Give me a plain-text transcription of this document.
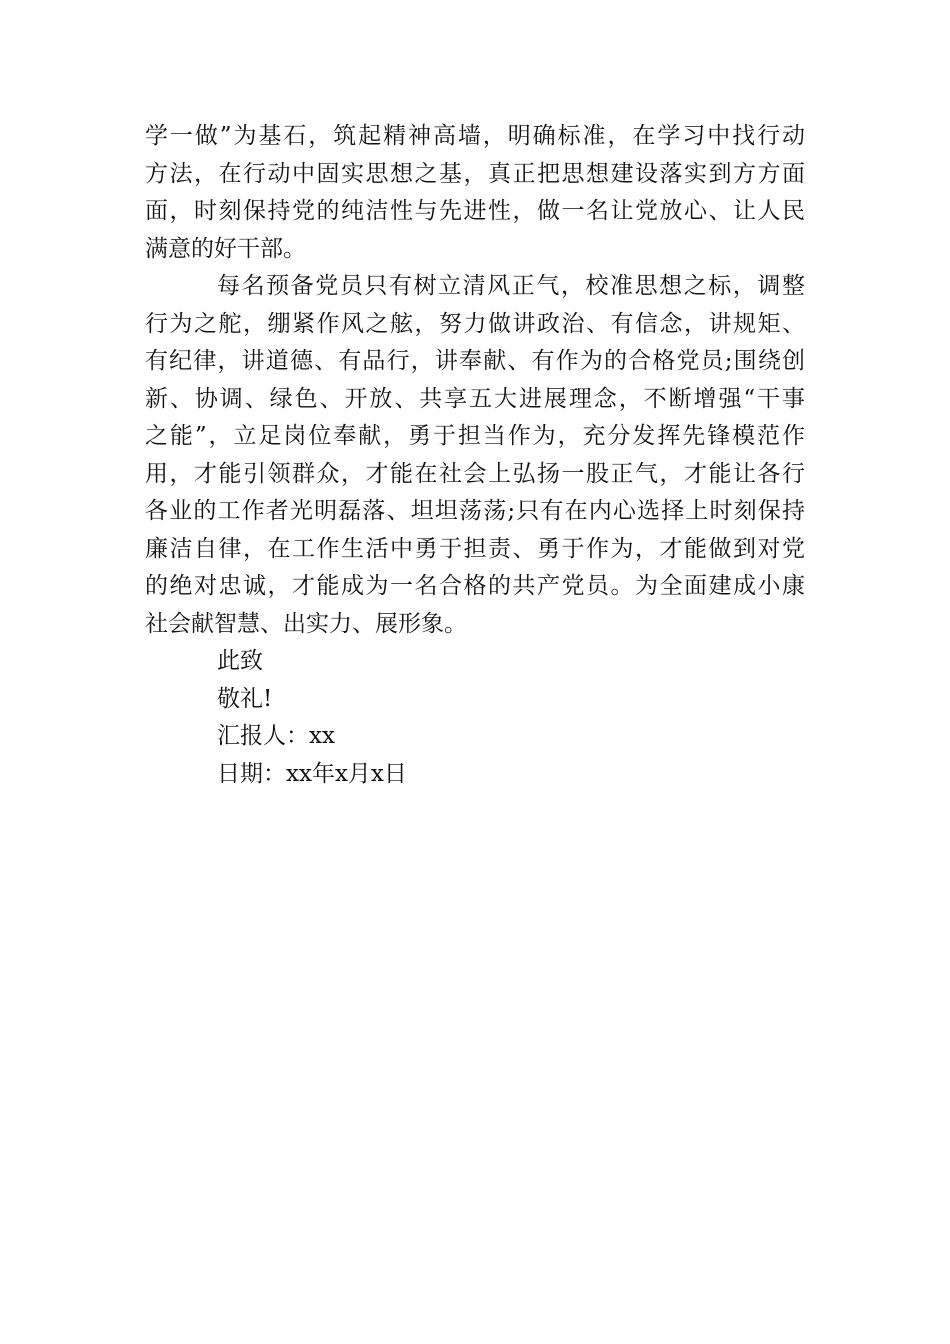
学一做”为基石，筑起精神高墙，明确标准，在学习中找行动
方法，在行动中固实思想之基，真正把思想建设落实到方方面
面，时刻保持党的纯洁性与先进性，做一名让党放心、让人民
满意的好干部。
每名预备党员只有树立清风正气，校准思想之标，调整
行为之舵，绷紧作风之舷，努力做讲政治、有信念，讲规矩、
有纪律，讲道德、有品行，讲奉献、有作为的合格党员;围绕创
新、协调、绿色、开放、共享五大进展理念，不断增强“干事
之能”，立足岗位奉献，勇于担当作为，充分发挥先锋模范作
用，才能引领群众，才能在社会上弘扬一股正气，才能让各行
各业的工作者光明磊落、坦坦荡荡;只有在内心选择上时刻保持
廉洁自律，在工作生活中勇于担责、勇于作为，才能做到对党
的绝对忠诚，才能成为一名合格的共产党员。为全面建成小康
社会献智慧、出实力、展形象。
此致
敬礼!
汇报人：xx
日期：xx年x月x日
